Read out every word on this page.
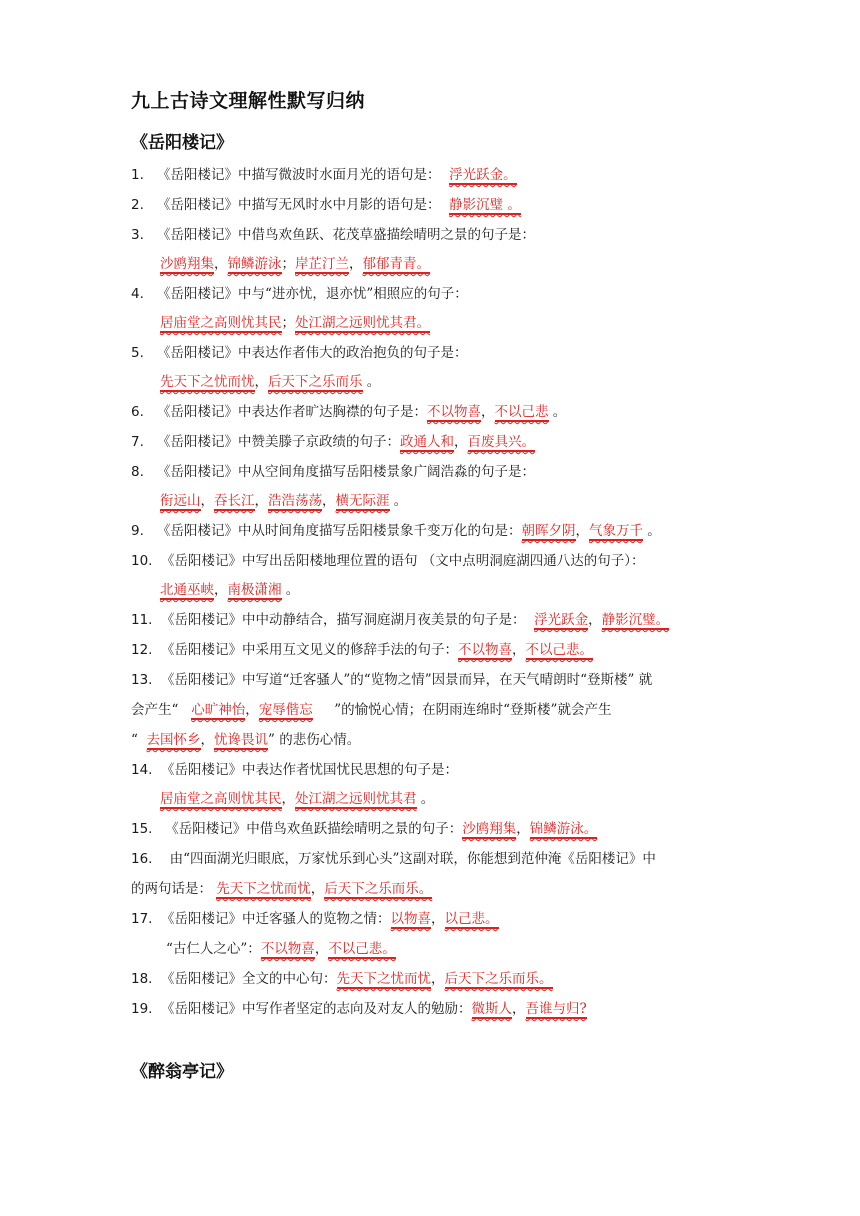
九上古诗文理解性默写归纳
《岳阳楼记》
1. 《岳阳楼记》中描写微波时水面月光的语句是： 浮光跃金。
2. 《岳阳楼记》中描写无风时水中月影的语句是： 静影沉璧 。
3. 《岳阳楼记》中借鸟欢鱼跃、花茂草盛描绘晴明之景的句子是：
沙鸥翔集，锦鳞游泳；岸芷汀兰，郁郁青青。
4. 《岳阳楼记》中与“进亦忧，退亦忧”相照应的句子：
居庙堂之高则忧其民；处江湖之远则忧其君。
5. 《岳阳楼记》中表达作者伟大的政治抱负的句子是：
先天下之忧而忧，后天下之乐而乐 。
6. 《岳阳楼记》中表达作者旷达胸襟的句子是：不以物喜，不以己悲 。
7. 《岳阳楼记》中赞美滕子京政绩的句子：政通人和，百废具兴。
8. 《岳阳楼记》中从空间角度描写岳阳楼景象广阔浩淼的句子是：
衔远山，吞长江，浩浩荡荡，横无际涯 。
9. 《岳阳楼记》中从时间角度描写岳阳楼景象千变万化的句是：朝晖夕阴，气象万千 。
10. 《岳阳楼记》中写出岳阳楼地理位置的语句 （文中点明洞庭湖四通八达的句子）：
北通巫峡，南极潇湘 。
11. 《岳阳楼记》中中动静结合，描写洞庭湖月夜美景的句子是： 浮光跃金，静影沉璧。
12. 《岳阳楼记》中采用互文见义的修辞手法的句子：不以物喜，不以己悲。
13. 《岳阳楼记》中写道“迁客骚人”的“览物之情”因景而异，在天气晴朗时“登斯楼” 就
会产生“ 心旷神怡，宠辱偕忘 ”的愉悦心情；在阴雨连绵时“登斯楼”就会产生
“ 去国怀乡，忧谗畏讥” 的悲伤心情。
14. 《岳阳楼记》中表达作者忧国忧民思想的句子是：
居庙堂之高则忧其民，处江湖之远则忧其君 。
15. 《岳阳楼记》中借鸟欢鱼跃描绘晴明之景的句子：沙鸥翔集，锦鳞游泳。
16. 由“四面湖光归眼底，万家忧乐到心头”这副对联，你能想到范仲淹《岳阳楼记》中
的两句话是： 先天下之忧而忧，后天下之乐而乐。
17. 《岳阳楼记》中迁客骚人的览物之情：以物喜，以己悲。
“古仁人之心”：不以物喜，不以己悲。
18. 《岳阳楼记》全文的中心句：先天下之忧而忧，后天下之乐而乐。
19. 《岳阳楼记》中写作者坚定的志向及对友人的勉励：微斯人，吾谁与归?
《醉翁亭记》
